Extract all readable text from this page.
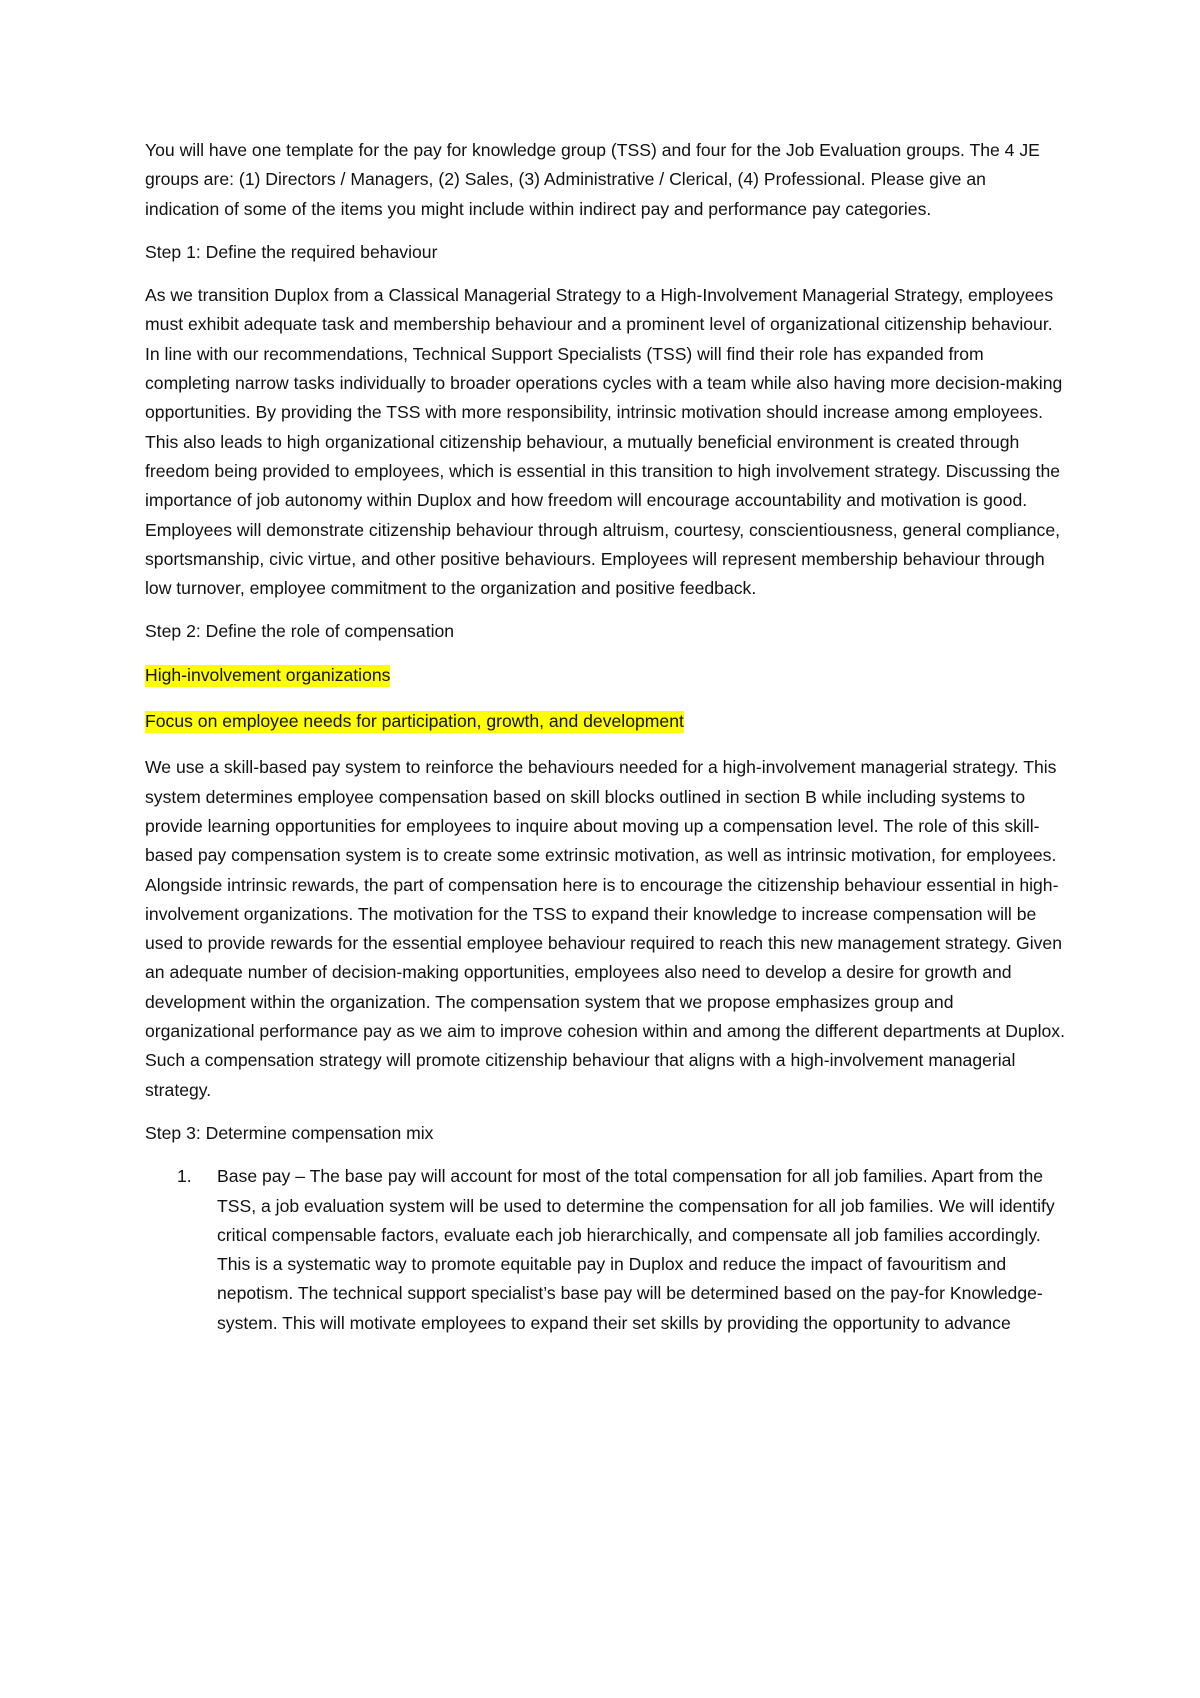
You will have one template for the pay for knowledge group (TSS) and four for the Job Evaluation groups. The 4 JE groups are: (1) Directors / Managers, (2) Sales, (3) Administrative / Clerical, (4) Professional. Please give an indication of some of the items you might include within indirect pay and performance pay categories.

Step 1: Define the required behaviour

As we transition Duplox from a Classical Managerial Strategy to a High-Involvement Managerial Strategy, employees must exhibit adequate task and membership behaviour and a prominent level of organizational citizenship behaviour. In line with our recommendations, Technical Support Specialists (TSS) will find their role has expanded from completing narrow tasks individually to broader operations cycles with a team while also having more decision-making opportunities. By providing the TSS with more responsibility, intrinsic motivation should increase among employees. This also leads to high organizational citizenship behaviour, a mutually beneficial environment is created through freedom being provided to employees, which is essential in this transition to high involvement strategy. Discussing the importance of job autonomy within Duplox and how freedom will encourage accountability and motivation is good. Employees will demonstrate citizenship behaviour through altruism, courtesy, conscientiousness, general compliance, sportsmanship, civic virtue, and other positive behaviours. Employees will represent membership behaviour through low turnover, employee commitment to the organization and positive feedback.

Step 2: Define the role of compensation

High-involvement organizations

Focus on employee needs for participation, growth, and development

We use a skill-based pay system to reinforce the behaviours needed for a high-involvement managerial strategy. This system determines employee compensation based on skill blocks outlined in section B while including systems to provide learning opportunities for employees to inquire about moving up a compensation level. The role of this skill-based pay compensation system is to create some extrinsic motivation, as well as intrinsic motivation, for employees. Alongside intrinsic rewards, the part of compensation here is to encourage the citizenship behaviour essential in high-involvement organizations. The motivation for the TSS to expand their knowledge to increase compensation will be used to provide rewards for the essential employee behaviour required to reach this new management strategy. Given an adequate number of decision-making opportunities, employees also need to develop a desire for growth and development within the organization. The compensation system that we propose emphasizes group and organizational performance pay as we aim to improve cohesion within and among the different departments at Duplox. Such a compensation strategy will promote citizenship behaviour that aligns with a high-involvement managerial strategy.

Step 3: Determine compensation mix

1. Base pay – The base pay will account for most of the total compensation for all job families. Apart from the TSS, a job evaluation system will be used to determine the compensation for all job families. We will identify critical compensable factors, evaluate each job hierarchically, and compensate all job families accordingly. This is a systematic way to promote equitable pay in Duplox and reduce the impact of favouritism and nepotism. The technical support specialist’s base pay will be determined based on the pay-for Knowledge- system. This will motivate employees to expand their set skills by providing the opportunity to advance
